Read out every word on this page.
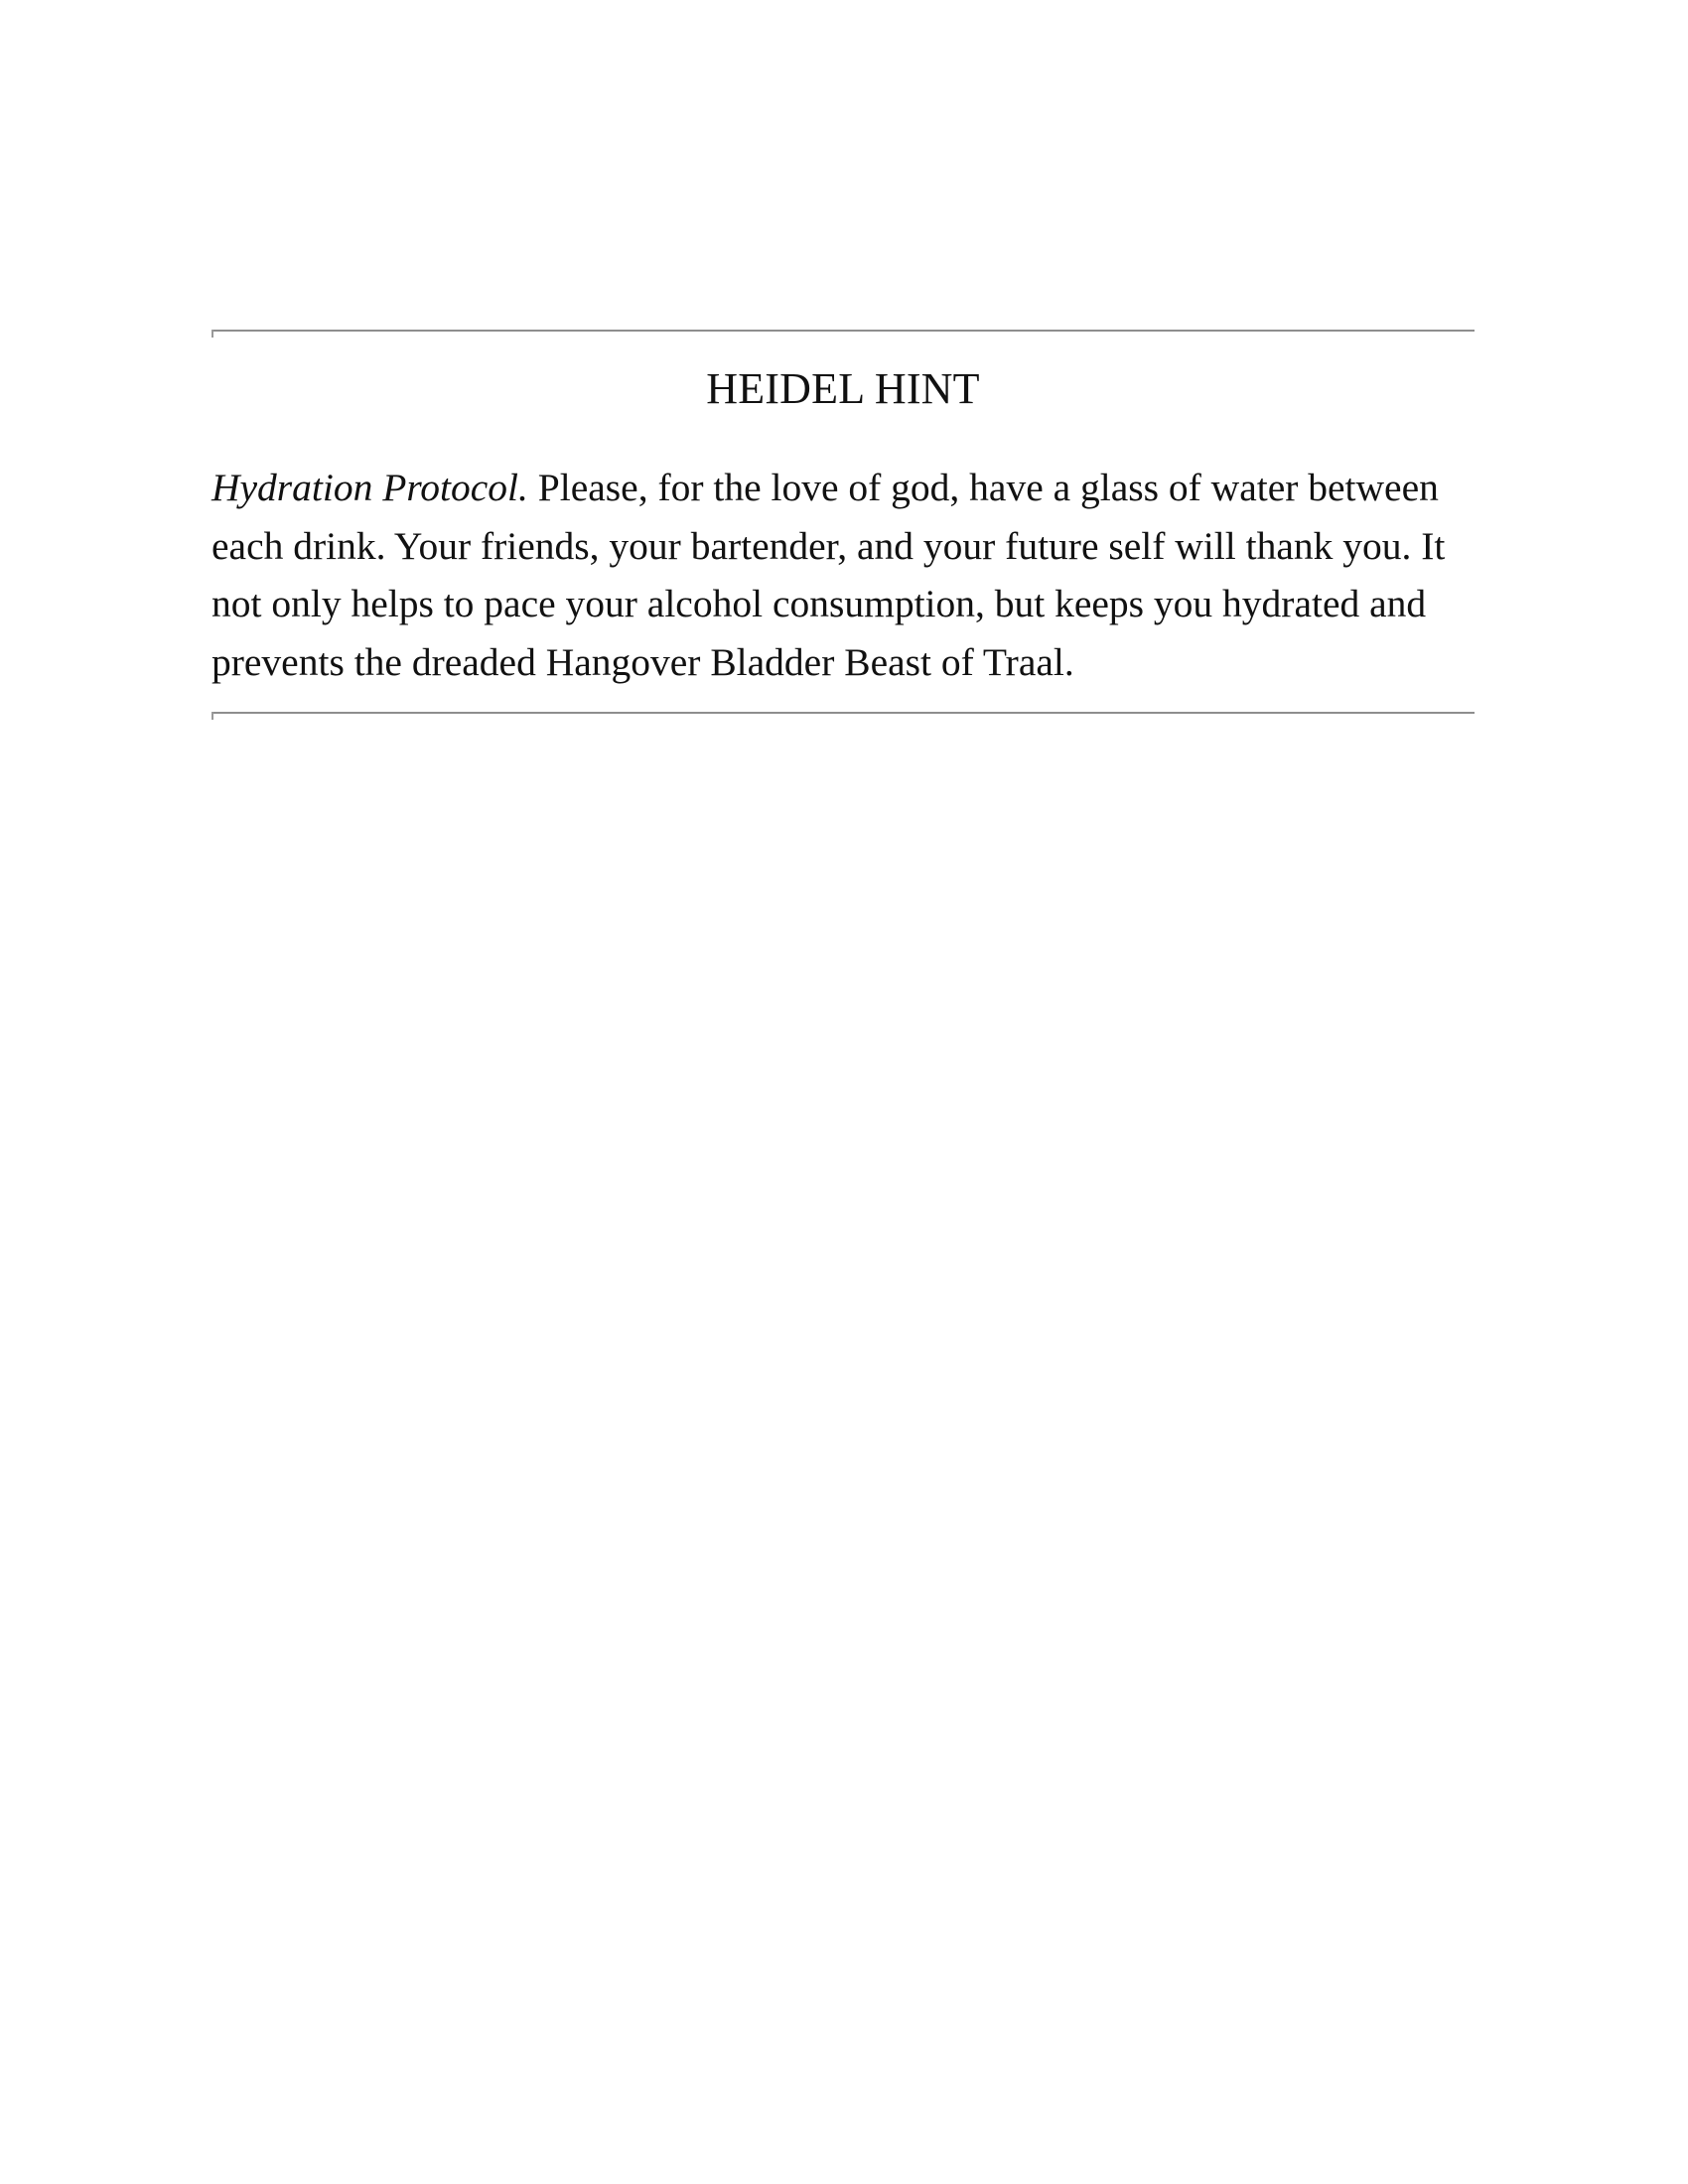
HEIDEL HINT

Hydration Protocol. Please, for the love of god, have a glass of water between each drink. Your friends, your bartender, and your future self will thank you. It not only helps to pace your alcohol consumption, but keeps you hydrated and prevents the dreaded Hangover Bladder Beast of Traal.
